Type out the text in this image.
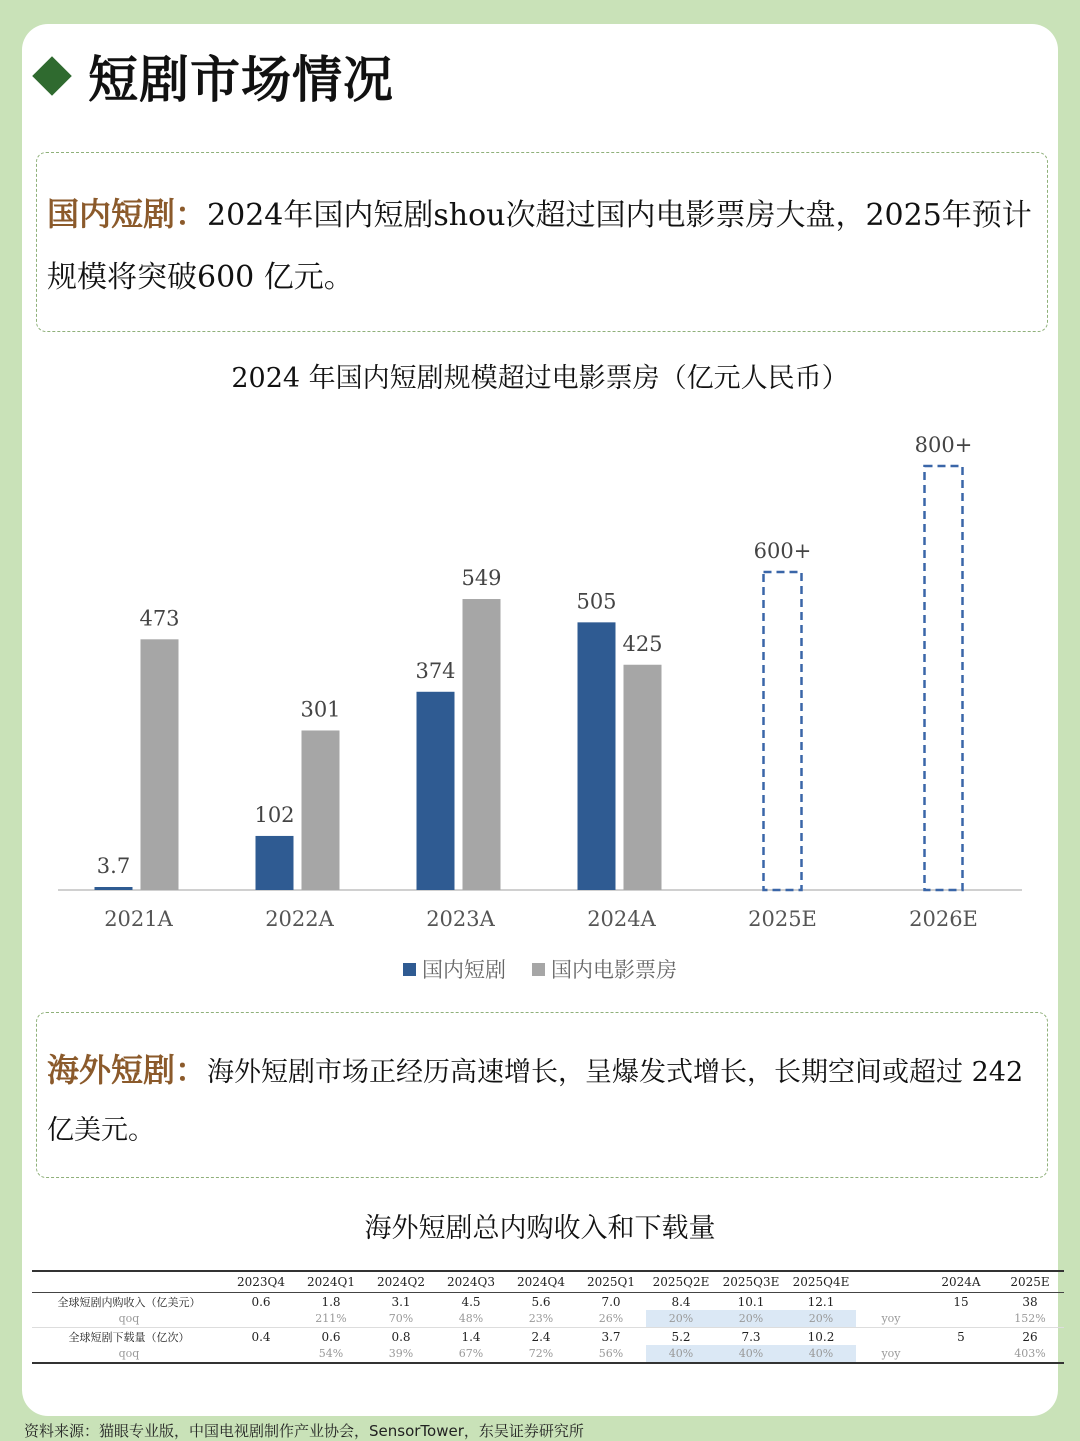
短剧市场情况

国内短剧：2024年国内短剧shou次超过国内电影票房大盘，2025年预计规模将突破600 亿元。

2024 年国内短剧规模超过电影票房（亿元人民币）
2021A
3.7
473
2022A
102
301
2023A
374
549
2024A
505
425
2025E
600+
2026E
800+
国内短剧 国内电影票房

海外短剧：海外短剧市场正经历高速增长，呈爆发式增长，长期空间或超过 242 亿美元。

海外短剧总内购收入和下载量
	2023Q4	2024Q1	2024Q2	2024Q3	2024Q4	2025Q1	2025Q2E	2025Q3E	2025Q4E		2024A	2025E
全球短剧内购收入（亿美元）	0.6	1.8	3.1	4.5	5.6	7.0	8.4	10.1	12.1		15	38
qoq		211%	70%	48%	23%	26%	20%	20%	20%	yoy		152%
全球短剧下载量（亿次）	0.4	0.6	0.8	1.4	2.4	3.7	5.2	7.3	10.2		5	26
qoq		54%	39%	67%	72%	56%	40%	40%	40%	yoy		403%
资料来源：猫眼专业版，中国电视剧制作产业协会，SensorTower，东吴证券研究所
